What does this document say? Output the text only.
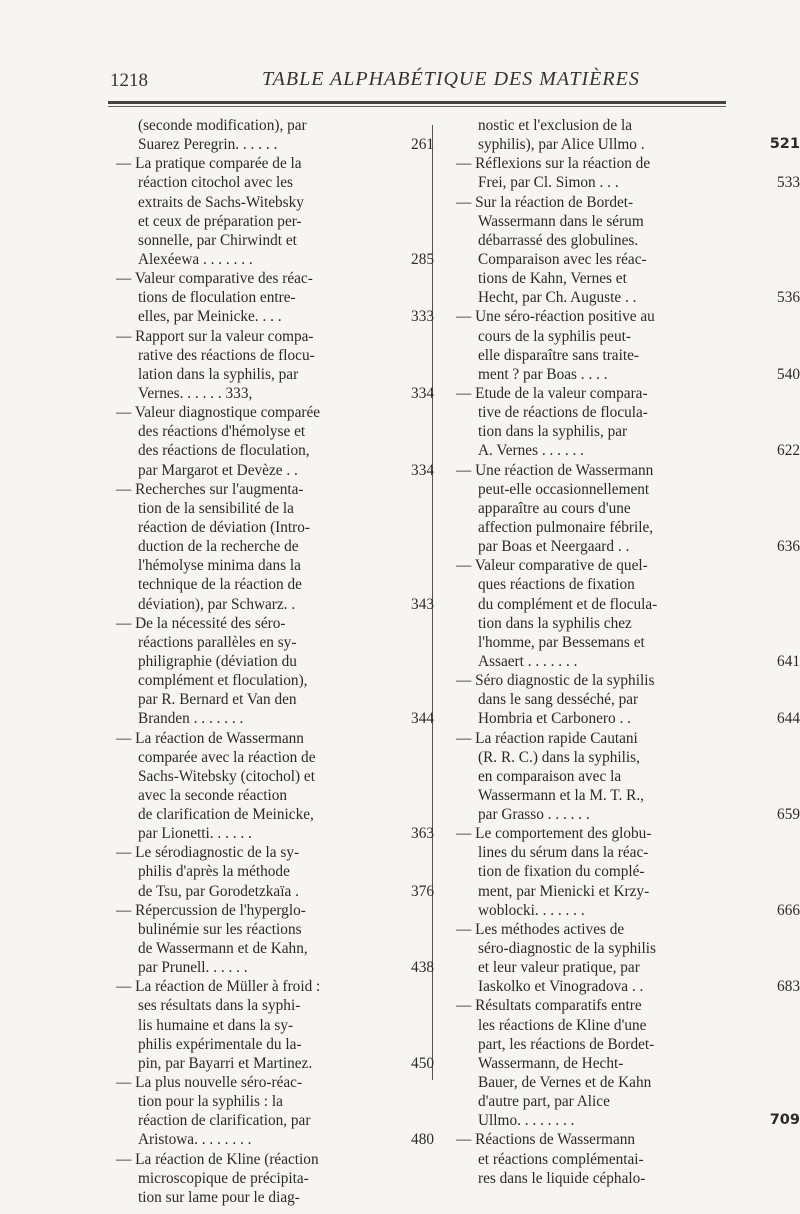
1218	TABLE ALPHABÉTIQUE DES MATIÈRES
(seconde modification), par
Suarez Peregrin. . . . . .	261
— La pratique comparée de la
réaction citochol avec les
extraits de Sachs-Witebsky
et ceux de préparation per-
sonnelle, par Chirwindt et
Alexéewa . . . . . . .	285
— Valeur comparative des réac-
tions de floculation entre-
elles, par Meinicke. . . .	333
— Rapport sur la valeur compa-
rative des réactions de flocu-
lation dans la syphilis, par
Vernes. . . . . . 333,	334
— Valeur diagnostique comparée
des réactions d'hémolyse et
des réactions de floculation,
par Margarot et Devèze . .	334
— Recherches sur l'augmenta-
tion de la sensibilité de la
réaction de déviation (Intro-
duction de la recherche de
l'hémolyse minima dans la
technique de la réaction de
déviation), par Schwarz. .	343
— De la nécessité des séro-
réactions parallèles en sy-
philigraphie (déviation du
complément et floculation),
par R. Bernard et Van den
Branden . . . . . . .	344
— La réaction de Wassermann
comparée avec la réaction de
Sachs-Witebsky (citochol) et
avec la seconde réaction
de clarification de Meinicke,
par Lionetti. . . . . .	363
— Le sérodiagnostic de la sy-
philis d'après la méthode
de Tsu, par Gorodetzkaïa .	376
— Répercussion de l'hyperglo-
bulinémie sur les réactions
de Wassermann et de Kahn,
par Prunell. . . . . .	438
— La réaction de Müller à froid :
ses résultats dans la syphi-
lis humaine et dans la sy-
philis expérimentale du la-
pin, par Bayarri et Martinez.	450
— La plus nouvelle séro-réac-
tion pour la syphilis : la
réaction de clarification, par
Aristowa. . . . . . . .	480
— La réaction de Kline (réaction
microscopique de précipita-
tion sur lame pour le diag-
nostic et l'exclusion de la
syphilis), par Alice Ullmo .	521
— Réflexions sur la réaction de
Frei, par Cl. Simon . . .	533
— Sur la réaction de Bordet-
Wassermann dans le sérum
débarrassé des globulines.
Comparaison avec les réac-
tions de Kahn, Vernes et
Hecht, par Ch. Auguste . .	536
— Une séro-réaction positive au
cours de la syphilis peut-
elle disparaître sans traite-
ment ? par Boas . . . .	540
— Etude de la valeur compara-
tive de réactions de flocula-
tion dans la syphilis, par
A. Vernes . . . . . .	622
— Une réaction de Wassermann
peut-elle occasionnellement
apparaître au cours d'une
affection pulmonaire fébrile,
par Boas et Neergaard . .	636
— Valeur comparative de quel-
ques réactions de fixation
du complément et de flocula-
tion dans la syphilis chez
l'homme, par Bessemans et
Assaert . . . . . . .	641
— Séro diagnostic de la syphilis
dans le sang desséché, par
Hombria et Carbonero . .	644
— La réaction rapide Cautani
(R. R. C.) dans la syphilis,
en comparaison avec la
Wassermann et la M. T. R.,
par Grasso . . . . . .	659
— Le comportement des globu-
lines du sérum dans la réac-
tion de fixation du complé-
ment, par Mienicki et Krzy-
woblocki. . . . . . .	666
— Les méthodes actives de
séro-diagnostic de la syphilis
et leur valeur pratique, par
Iaskolko et Vinogradova . .	683
— Résultats comparatifs entre
les réactions de Kline d'une
part, les réactions de Bordet-
Wassermann, de Hecht-
Bauer, de Vernes et de Kahn
d'autre part, par Alice
Ullmo. . . . . . . .	709
— Réactions de Wassermann
et réactions complémentai-
res dans le liquide céphalo-
